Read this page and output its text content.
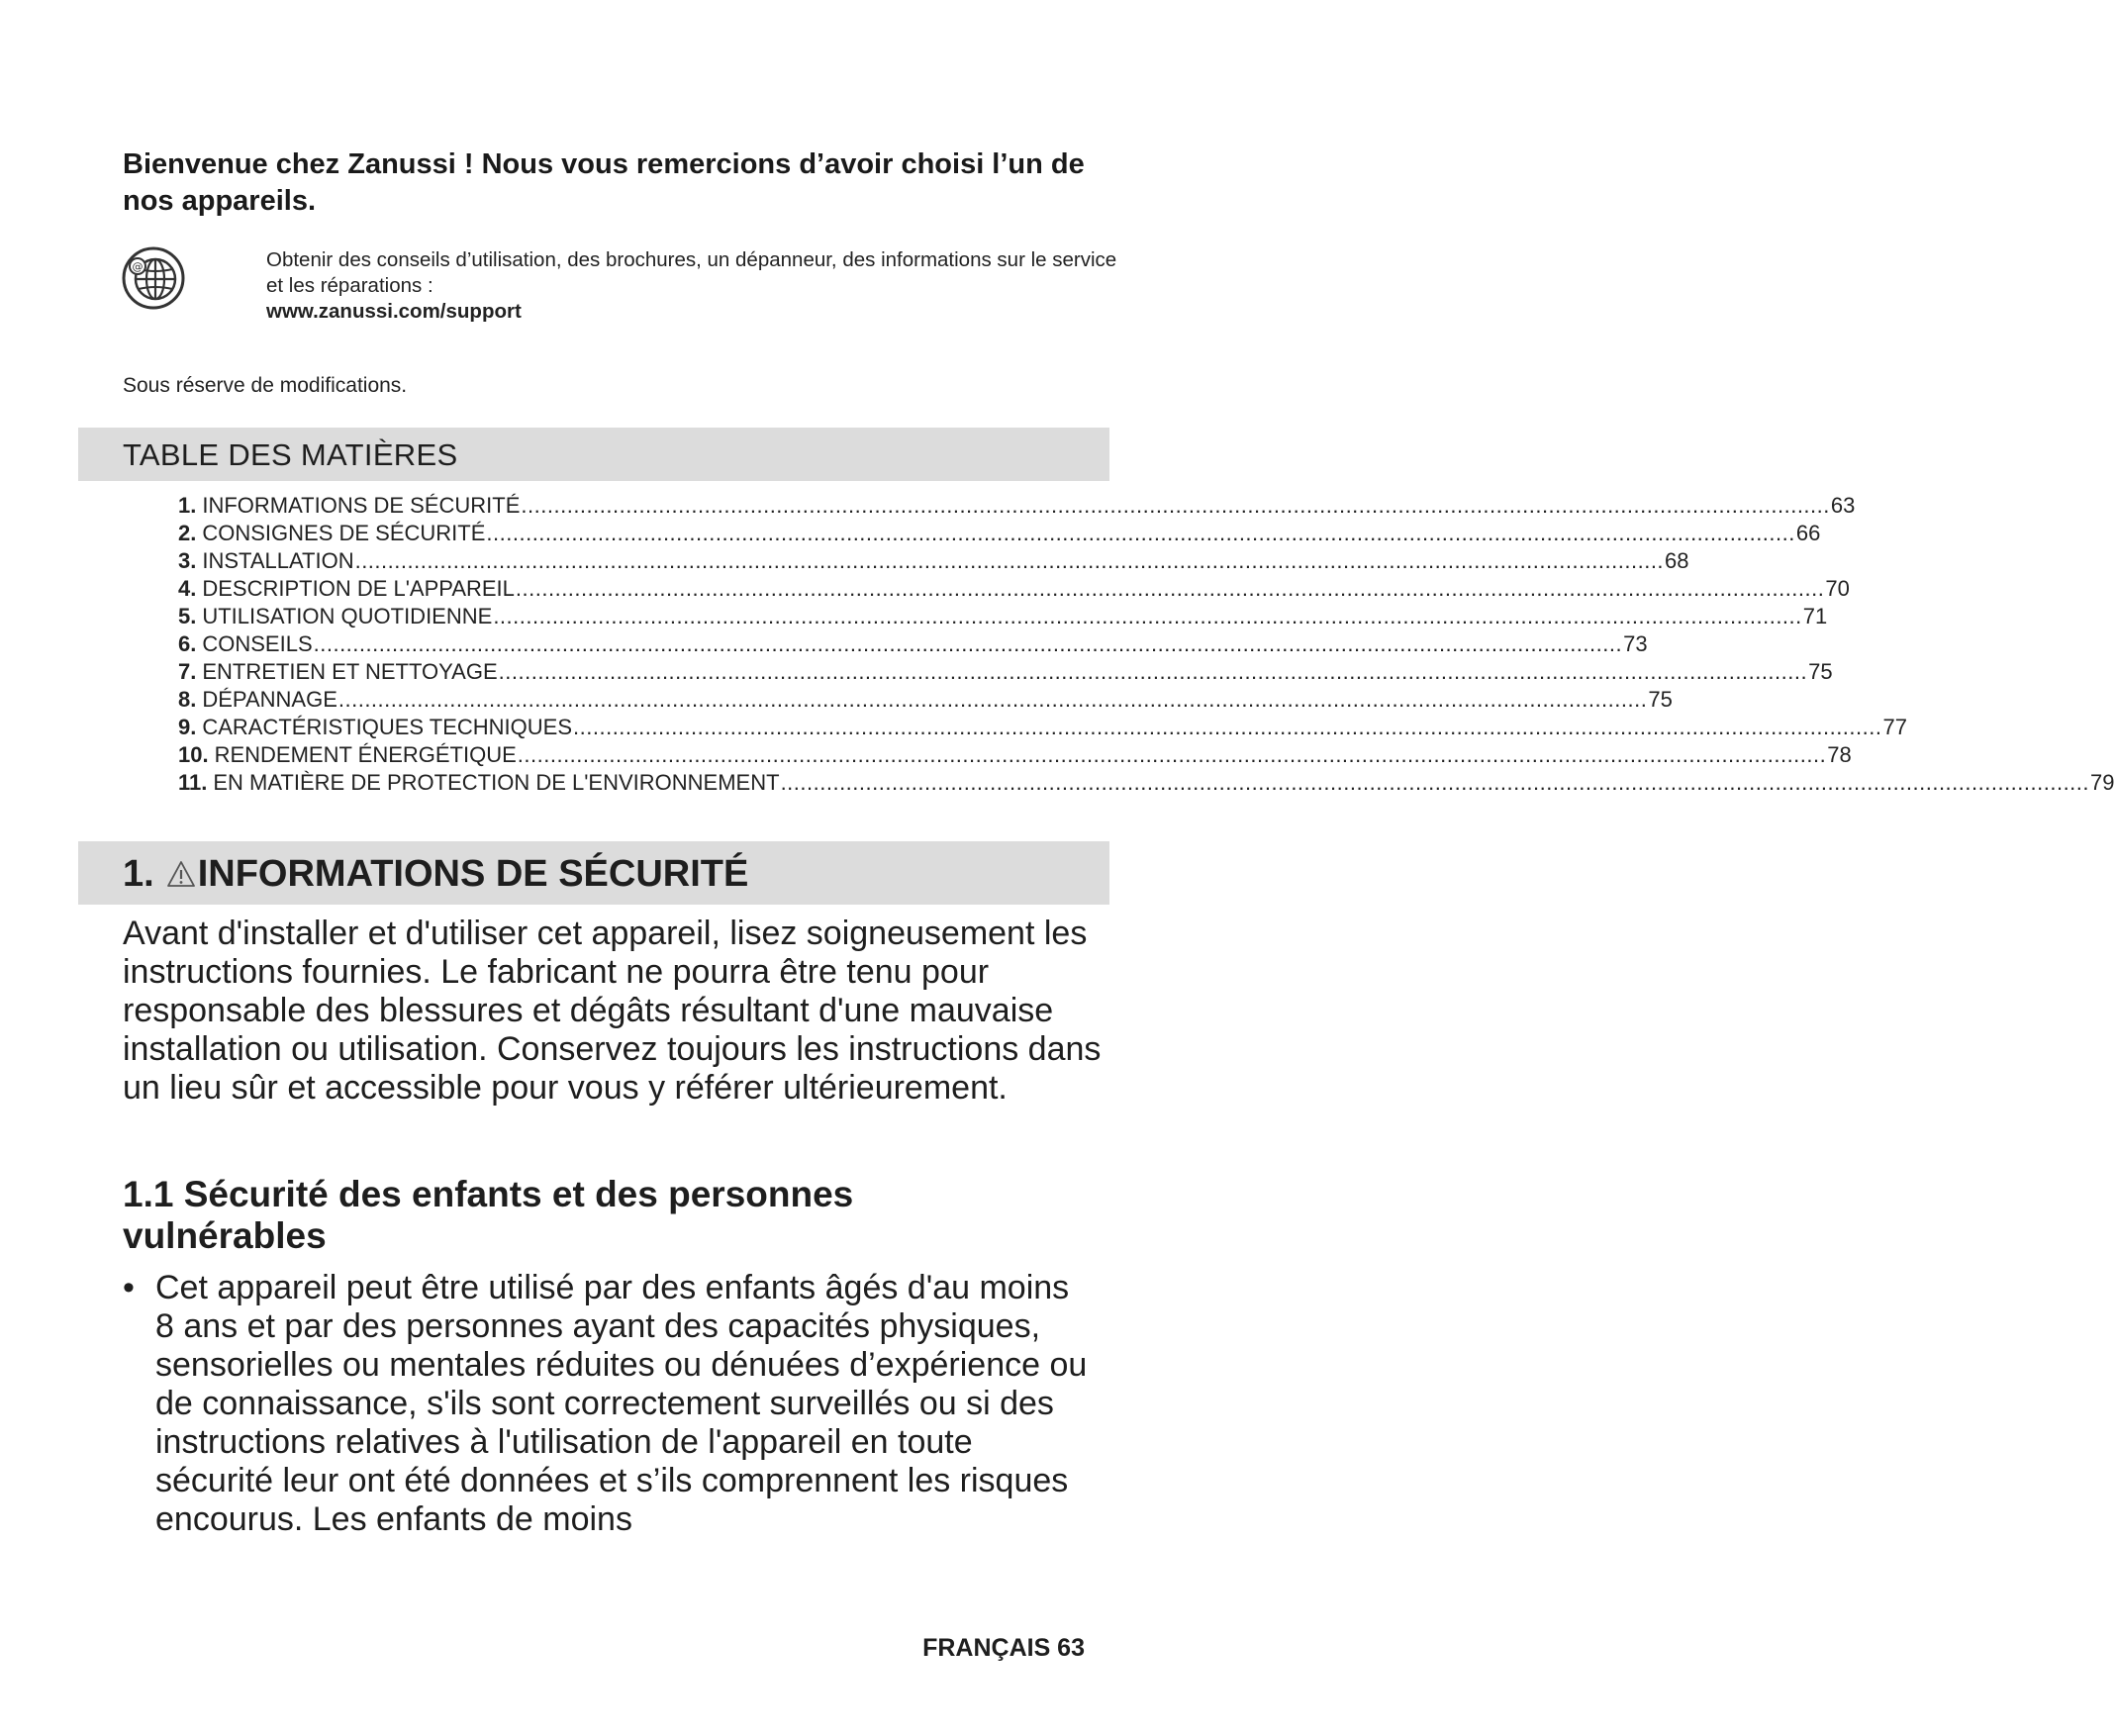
Bienvenue chez Zanussi ! Nous vous remercions d’avoir choisi l’un de nos appareils.
@	Obtenir des conseils d’utilisation, des brochures, un dépanneur, des informations sur le service et les réparations :
www.zanussi.com/support
Sous réserve de modifications.
TABLE DES MATIÈRES
1. INFORMATIONS DE SÉCURITÉ ........................................................................................................................................................................................................ 63
2. CONSIGNES DE SÉCURITÉ ........................................................................................................................................................................................................ 66
3. INSTALLATION ........................................................................................................................................................................................................ 68
4. DESCRIPTION DE L'APPAREIL ........................................................................................................................................................................................................ 70
5. UTILISATION QUOTIDIENNE ........................................................................................................................................................................................................ 71
6. CONSEILS ........................................................................................................................................................................................................ 73
7. ENTRETIEN ET NETTOYAGE ........................................................................................................................................................................................................ 75
8. DÉPANNAGE ........................................................................................................................................................................................................ 75
9. CARACTÉRISTIQUES TECHNIQUES ........................................................................................................................................................................................................ 77
10. RENDEMENT ÉNERGÉTIQUE ........................................................................................................................................................................................................ 78
11. EN MATIÈRE DE PROTECTION DE L'ENVIRONNEMENT ........................................................................................................................................................................................................ 79
1. INFORMATIONS DE SÉCURITÉ
Avant d'installer et d'utiliser cet appareil, lisez soigneusement les instructions fournies. Le fabricant ne pourra être tenu pour responsable des blessures et dégâts résultant d'une mauvaise installation ou utilisation. Conservez toujours les instructions dans un lieu sûr et accessible pour vous y référer ultérieurement.
1.1 Sécurité des enfants et des personnes vulnérables
• Cet appareil peut être utilisé par des enfants âgés d'au moins 8 ans et par des personnes ayant des capacités physiques, sensorielles ou mentales réduites ou dénuées d’expérience ou de connaissance, s'ils sont correctement surveillés ou si des instructions relatives à l'utilisation de l'appareil en toute sécurité leur ont été données et s’ils comprennent les risques encourus. Les enfants de moins
FRANÇAIS 63
